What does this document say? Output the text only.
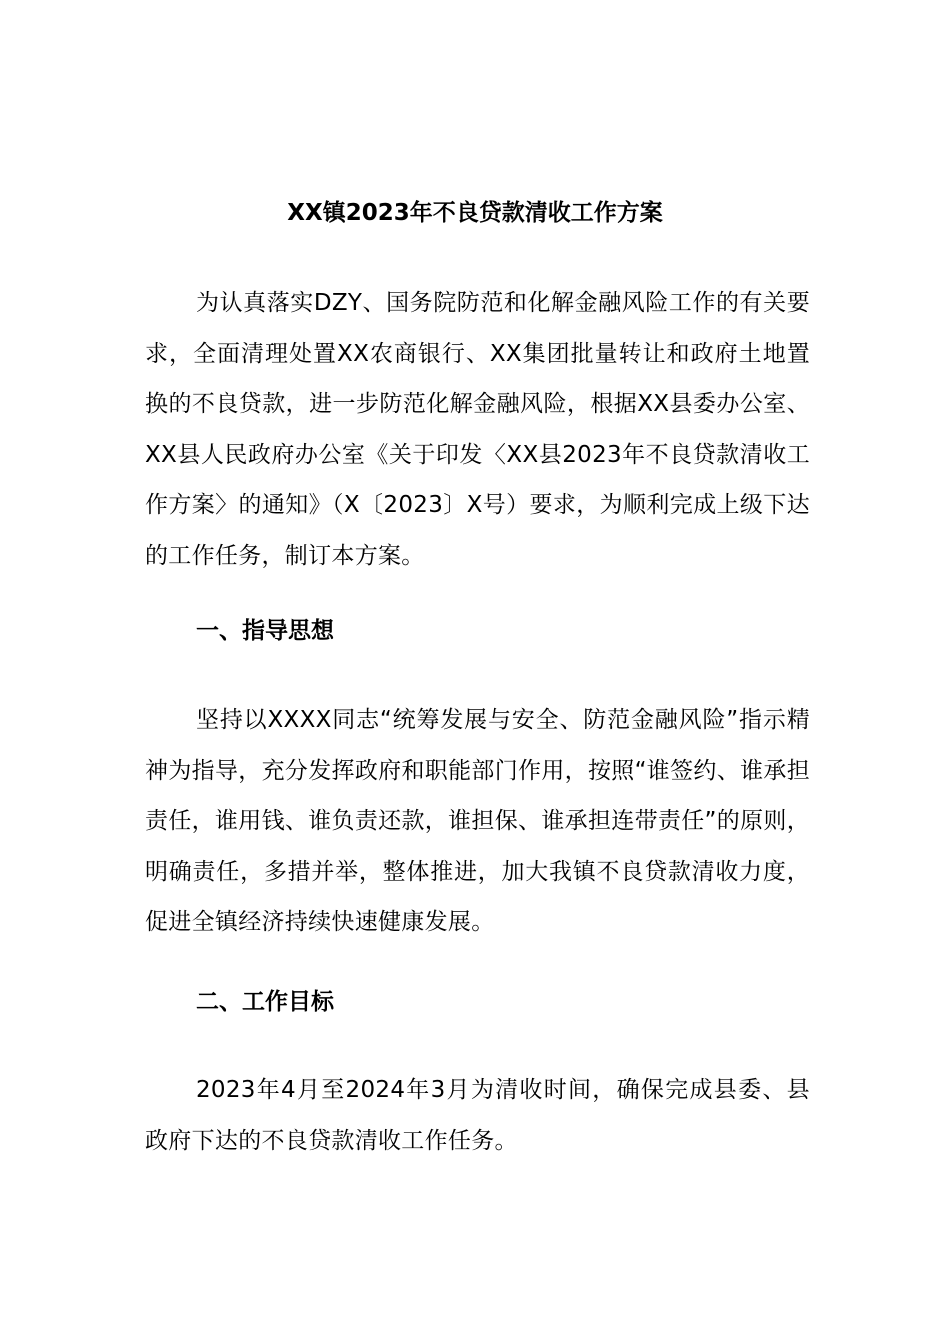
XX镇2023年不良贷款清收工作方案

为认真落实DZY、国务院防范和化解金融风险工作的有关要求，全面清理处置XX农商银行、XX集团批量转让和政府土地置换的不良贷款，进一步防范化解金融风险，根据XX县委办公室、XX县人民政府办公室《关于印发〈XX县2023年不良贷款清收工作方案〉的通知》（X〔2023〕X号）要求，为顺利完成上级下达的工作任务，制订本方案。

一、指导思想

坚持以XXXX同志“统筹发展与安全、防范金融风险”指示精神为指导，充分发挥政府和职能部门作用，按照“谁签约、谁承担责任，谁用钱、谁负责还款，谁担保、谁承担连带责任”的原则，明确责任，多措并举，整体推进，加大我镇不良贷款清收力度，促进全镇经济持续快速健康发展。

二、工作目标

2023年4月至2024年3月为清收时间，确保完成县委、县政府下达的不良贷款清收工作任务。
